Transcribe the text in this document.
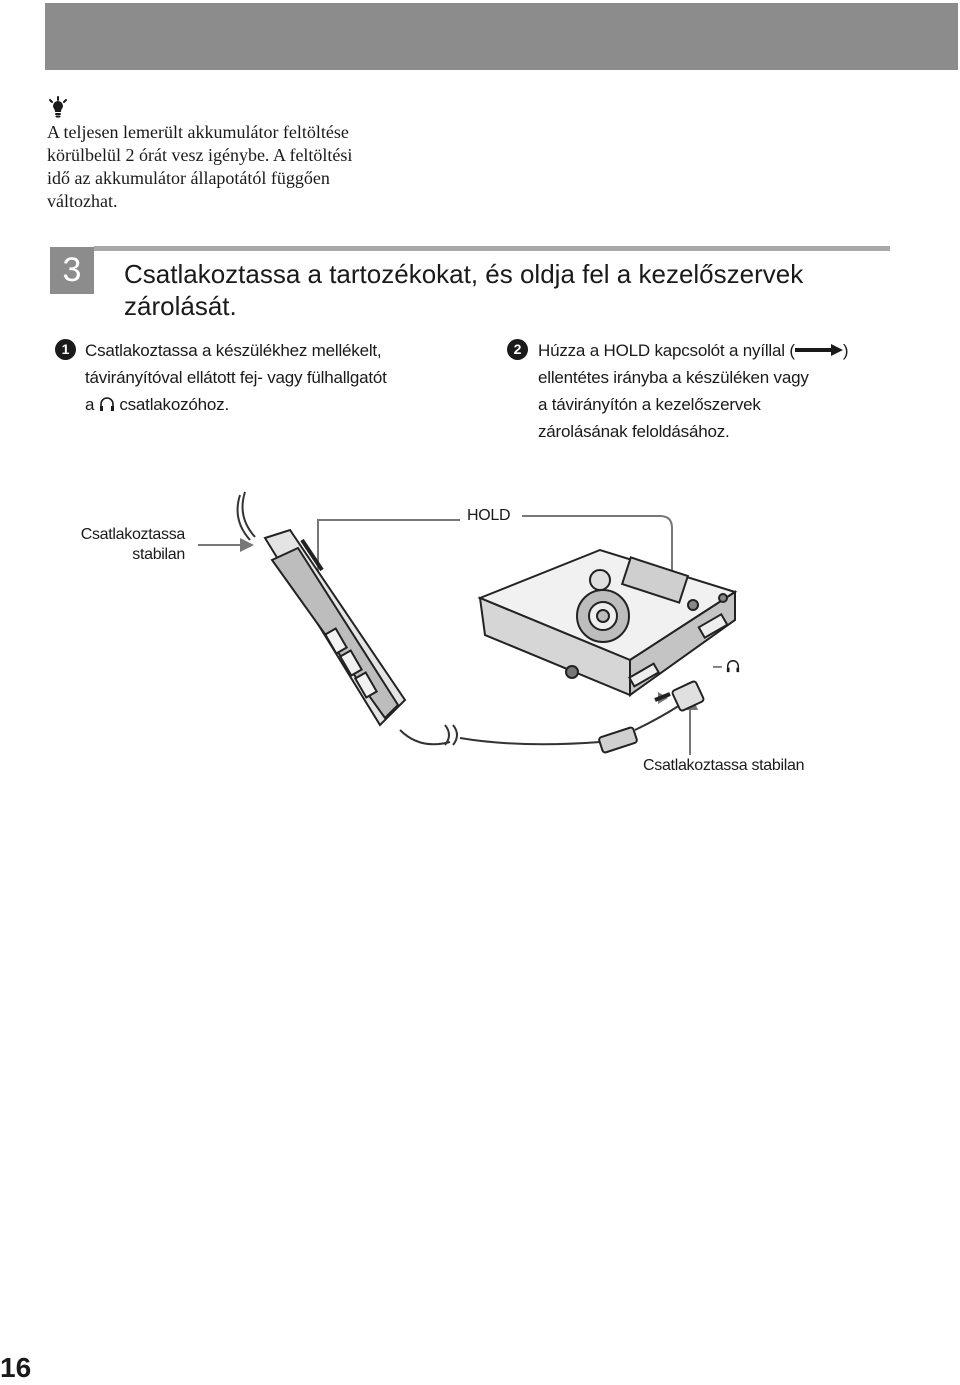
A teljesen lemerült akkumulátor feltöltése
körülbelül 2 órát vesz igénybe. A feltöltési
idő az akkumulátor állapotától függően
változhat.

3	Csatlakoztassa a tartozékokat, és oldja fel a kezelőszervek
zárolását.
1 Csatlakoztassa a készülékhez mellékelt,
távirányítóval ellátott fej- vagy fülhallgatót
a csatlakozóhoz.
2 Húzza a HOLD kapcsolót a nyíllal (	)
ellentétes irányba a készüléken vagy
a távirányítón a kezelőszervek
zárolásának feloldásához.
Csatlakoztassa
stabilan
HOLD
–
Csatlakoztassa stabilan
16
